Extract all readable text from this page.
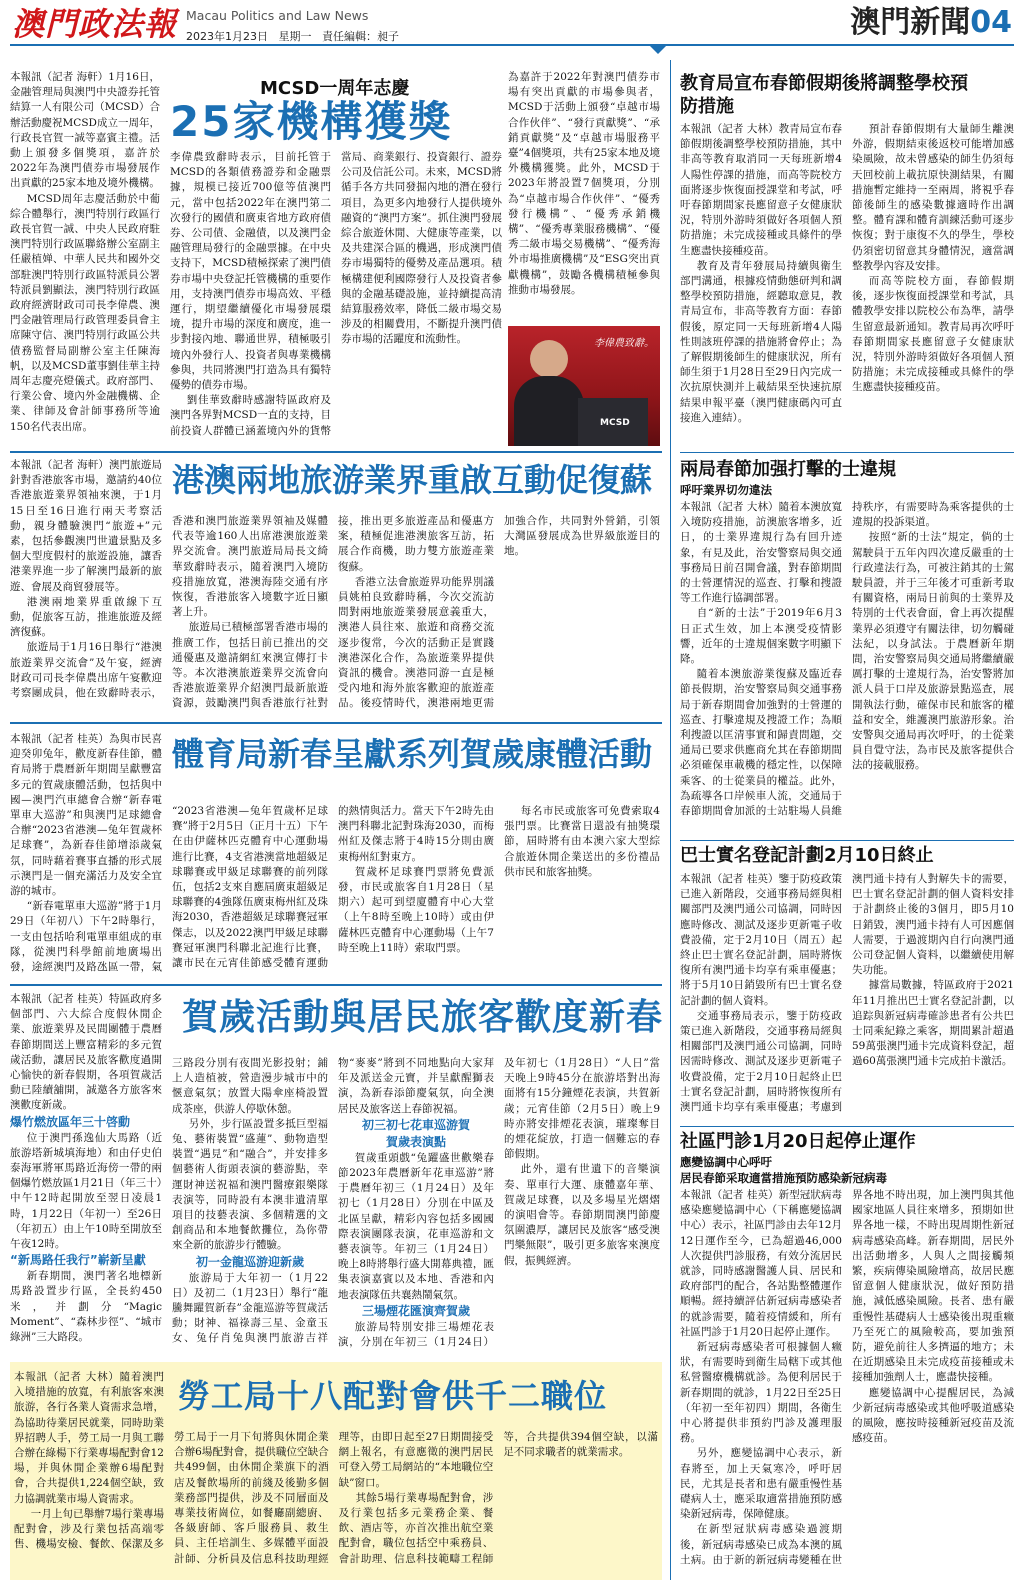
澳門政法報 Macau Politics and Law News
2023年1月23日 星期一 責任編輯：昶子	澳門新聞04
MCSD一周年志慶
25家機構獲獎

本報訊（記者 海軒）1月16日，金融管理局與澳門中央證券托管結算一人有限公司（MCSD）合辦活動慶祝MCSD成立一周年，行政長官賀一誠等嘉賓主禮。活動上頒發多個獎項，嘉許於2022年為澳門債券市場發展作出貢獻的25家本地及境外機構。

MCSD周年志慶活動於中葡綜合體舉行，澳門特別行政區行政長官賀一誠、中央人民政府駐澳門特別行政區聯絡辦公室副主任嚴植婵、中華人民共和國外交部駐澳門特別行政區特派員公署特派員劉顯法，澳門特別行政區政府經濟財政司司長李偉農、澳門金融管理局行政管理委員會主席陳守信、澳門特別行政區公共債務監督局副辦公室主任陳海帆，以及MCSD董事劉佳華主持周年志慶亮燈儀式。政府部門、行業公會、境內外金融機構、企業、律師及會計師事務所等逾150名代表出席。

李偉農致辭時表示，目前托管于MCSD的各類債務證券和金融票據，規模已接近700億等值澳門元，當中包括2022年在澳門第二次發行的國債和廣東省地方政府債券、公司債、金融債，以及澳門金融管理局發行的金融票據。在中央支持下，MCSD積極探索了澳門債券市場中央登記托管機構的重要作用，支持澳門債券市場高效、平穩運行，期望繼續優化市場發展環境，提升市場的深度和廣度，進一步對接內地、聯通世界，積極吸引境內外發行人、投資者與專業機構參與，共同將澳門打造為具有獨特優勢的債券市場。

劉佳華致辭時感謝特區政府及澳門各界對MCSD一直的支持，目前投資人群體已涵蓋境內外的貨幣當局、商業銀行、投資銀行、證券公司及信託公司。未來，MCSD將循手各方共同發掘內地的潛在發行項目，為更多內地發行人提供境外融資的“澳門方案”。抓住澳門發展綜合旅遊休閒、大健康等產業，以及共建深合區的機遇，形成澳門債券市場獨特的優勢及產品選項。積極構建便利國際發行人及投資者參與的金融基礎設施，並持續提高清結算服務效率，降低二級市場交易涉及的相關費用，不斷提升澳門債券市場的活躍度和流動性。

為嘉許于2022年對澳門債券市場有突出貢獻的市場參與者，MCSD于活動上頒發“卓越市場合作伙伴”、“發行貢獻獎”、“承銷貢獻獎”及“卓越市場服務平臺”4個獎項，共有25家本地及境外機構獲獎。此外，MCSD于2023年將設置7個獎項，分別為“卓越市場合作伙伴”、“優秀發行機構”、“優秀承銷機構”、“優秀專業服務機構”、“優秀二級市場交易機構”、“優秀海外市場推廣機構”及“ESG突出貢獻機構”，鼓勵各機構積極參與推動市場發展。

MCSD
李偉農致辭。

本報訊（記者 海軒）澳門旅遊局針對香港旅客市場，邀請約40位香港旅遊業界領袖來澳，于1月15日至16日進行兩天考察活動，親身體驗澳門“旅遊+”元素，包括參觀澳門世遺景點及多個大型度假村的旅遊設施，讓香港業界進一步了解澳門最新的旅遊、會展及商貿發展等。

港澳兩地業界重啟線下互動，促旅客互訪，推進旅遊及經濟復蘇。

旅遊局于1月16日舉行“港澳旅遊業界交流會”及午宴，經濟財政司司長李偉農出席午宴歡迎考察團成員，他在致辭時表示，

港澳兩地旅游業界重啟互動促復蘇

香港和澳門旅遊業界領袖及媒體代表等逾160人出席港澳旅遊業界交流會。澳門旅遊局局長文綺華致辭時表示，隨着澳門入境防疫措施放寬，港澳海陸交通有序恢復，香港旅客入境數字近日顯著上升。

旅遊局已積極部署香港市場的推廣工作，包括日前已推出的交通優惠及邀請網紅來澳宣傳打卡等。本次港澳旅遊業界交流會向香港旅遊業界介紹澳門最新旅遊資源，鼓勵澳門與香港旅行社對接，推出更多旅遊產品和優惠方案，積極促進港澳旅客互訪，拓展合作商機，助力雙方旅遊產業復蘇。

香港立法會旅遊界功能界別議員姚柏良致辭時稱，今次交流訪問對兩地旅遊業發展意義重大，澳港人員往來、旅遊和商務交流逐步復常，今次的活動正是實踐澳港深化合作，為旅遊業界提供資訊的機會。澳港同游一直是極受內地和海外旅客歡迎的旅遊產品。後疫情時代，澳港兩地更需加強合作，共同對外營銷，引領大灣區發展成為世界級旅遊目的地。

本報訊（記者 桂英）為與市民喜迎癸卯兔年，歡度新春佳節，體育局將于農曆新年期間呈獻豐富多元的賀歲康體活動，包括與中國—澳門汽車總會合辦“新春電單車大巡游”和與澳門足球總會合辦“2023省港澳—兔年賀歲杯足球賽”，為新春佳節增添歲氣氛，同時藉着賽事直播的形式展示澳門是一個充滿活力及安全宜游的城市。

“新春電單車大巡游”將于1月29日（年初八）下午2時舉行，一支由包括哈利電單車組成的車隊，從澳門科學館前地廣場出發，途經澳門及路氹區一帶，氣

體育局新春呈獻系列賀歲康體活動

“2023省港澳—兔年賀歲杯足球賽”將于2月5日（正月十五）下午在由伊薩林匹克體育中心運動場進行比賽，4支省港澳當地超級足球聯賽或甲級足球聯賽的前列隊伍，包括2支來自應屆廣東超級足球聯賽的4強隊伍廣東梅州紅及珠海2030，香港超級足球聯賽冠軍傑志，以及2022澳門甲級足球聯賽冠軍澳門科聯北記進行比賽，讓市民在元宵佳節感受體育運動的熱情與活力。當天下午2時先由澳門科聯北記對珠海2030，而梅州紅及傑志將于4時15分則由廣東梅州紅對東方。

賀歲杯足球賽門票將免費派發，市民或旅客自1月28日（星期六）起可到望廈體育中心大堂（上午8時至晚上10時）或由伊薩林匹克體育中心運動場（上午7時至晚上11時）索取門票。

每名市民或旅客可免費索取4張門票。比賽當日還設有抽獎環節，屆時將有由本澳六家大型綜合旅遊休閒企業送出的多份禮品供市民和旅客抽獎。

本報訊（記者 桂英）特區政府多個部門、六大綜合度假休閒企業、旅遊業界及民間團體于農曆春節期間送上豐富精彩的多元賀歲活動，讓居民及旅客歡度過開心愉快的新春假期，各項賀歲活動已陸續舖開，誠邀各方旅客來澳歡度新歲。

爆竹燃放區年三十啓動

位于澳門孫逸仙大馬路（近旅游塔新城填海地）和由仔史伯泰海軍將軍馬路近海傍一帶的兩個爆竹燃放區1月21日（年三十）中午12時起開放至翌日凌晨1時，1月22日（年初一）至26日（年初五）由上午10時至開放至午夜12時。

“新馬路任我行”嶄新呈獻

新春期間，澳門著名地標新馬路設置步行區，全長約450米，并劃分“Magic Moment”、“森林步徑”、“城市綠洲”三大路段。

賀歲活動與居民旅客歡度新春

三路段分別有夜間光影投射；鋪上人造植被，營造漫步城市中的愜意氣氛；放置大陽傘座椅設置成茶座，供游人停歇休憩。

另外，步行區設置多抵巨型福兔、藝術裝置“盛蓮”、動物造型裝置“遇見”和“融合”，并安排多個藝術人街頭表演的藝游點，幸運財神送祝福和澳門醫療銀樂隊表演等，同時設有本澳非遺清單項目的技藝表演、多個精選的文創商品和本地餐飲攤位，為你帶來全新的旅游步行體驗。

初一金龍巡游迎新歲

旅游局于大年初一（1月22日）及初二（1月23日）舉行“龍騰舞躍賀新春”金龍巡游等賀歲活動；財神、福祿壽三星、金童玉女、兔仔肖兔與澳門旅游吉祥物“麥麥”將到不同地點向大家拜年及派送金元寶，并呈獻醒獅表演，為新春添節慶氣氛，向全澳居民及旅客送上春節祝福。

初三初七花車巡游賀

賀歲表演點

賀歲重頭戲“兔躍盛世歡樂春節2023年農曆新年花車巡游”將于農曆年初三（1月24日）及年初七（1月28日）分別在中區及北區呈獻，精彩內容包括多國國際表演團隊表演，花車巡游和文藝表演等。年初三（1月24日）晚上8時將舉行盛大開幕典禮，匯集表演嘉賓以及本地、香港和內地表演隊伍共襄熱鬧氣氛。

三場煙花匯演齊賀歲

旅游局特別安排三場煙花表演，分別在年初三（1月24日）及年初七（1月28日）“人日”當天晚上9時45分在旅游塔對出海面將有15分鐘煙花表演，共賀新歲；元宵佳節（2月5日）晚上9時亦將安排煙花表演，璀璨奪目的煙花綻放，打造一個難忘的春節假期。

此外，還有世遺下的音樂演奏、單車行大運、康體嘉年華、賀歲足球賽，以及多場星光熠熠的演唱會等。春節期間澳門節慶氛圍濃厚，讓居民及旅客“感受澳門樂無限”，吸引更多旅客來澳度假，振興經濟。

本報訊（記者 大林）隨着澳門入境措施的放寬，有利旅客來澳旅游，各行各業人資需求急增，為協助待業居民就業，同時助業界招聘人手，勞工局一月與工聯合辦在綠楊下行業專場配對會12場，并與休閒企業辦6場配對會，合共提供1,224個空缺，致力協調就業市場人資需求。

一月上旬已舉辦7場行業專場配對會，涉及行業包括高端零售、機場安檢、餐飲、保潔及多

勞工局十八配對會供千二職位

勞工局于一月下旬將與休閒企業合辦6場配對會，提供職位空缺合共499個，由休閒企業旗下的酒店及餐飲場所的前綫及後勤多個業務部門提供，涉及不同層面及專業技術崗位，如餐廳副總廚、各級廚師、客戶服務員、救生員、主任培訓生、多媒體平面設計師、分析員及信息科技助理經理等，由即日起至27日期間接受網上報名，有意應徵的澳門居民可登入勞工局網站的“本地職位空缺”窗口。

其餘5場行業專場配對會，涉及行業包括多元業務企業、餐飲、酒店等，亦首次推出航空業配對會，職位包括空中乘務員、會計助理、信息科技範疇工程師等，合共提供394個空缺，以滿足不同求職者的就業需求。

教育局宣布春節假期後將調整學校預防措施

本報訊（記者 大林）教青局宣布春節假期後調整學校預防措施，其中非高等教育取消同一天每班新增4人陽性停課的措施，而高等院校方面將逐步恢復面授課堂和考試，呼吁春節期間家長應留意子女健康狀況，特別外游時須做好各項個人預防措施；未完成接種或具條件的學生應盡快接種疫苗。

教育及青年發展局持續與衛生部門溝通，根據疫情動態研判和調整學校預防措施，經聽取意見，教青局宣布，非高等教育方面：春節假後，原定同一天每班新增4人陽性則該班停課的措施將會停止；為了解假期後師生的健康狀況，所有師生須于1月28日至29日內完成一次抗原快測并上載結果至快速抗原結果申報平臺（澳門健康碼內可直接進入連結）。

預計春節假期有大量師生離澳外游，假期結束後返校可能增加感染風險，故未曾感染的師生仍須每天回校前上載抗原快測結果，有關措施暫定維持一至兩周，將視乎春節後師生的感染數據適時作出調整。體育課和體育訓練活動可逐步恢復；對于康復不久的學生，學校仍須密切留意其身體情況，適當調整教學內容及安排。

而高等院校方面，春節假期後，逐步恢復面授課堂和考試，具體教學安排以院校公布為準，請學生留意最新通知。教青局再次呼吁春節期間家長應留意子女健康狀況，特別外游時須做好各項個人預防措施；未完成接種或具條件的學生應盡快接種疫苗。

兩局春節加强打擊的士違規
呼吁業界切勿違法

本報訊（記者 大林）隨着本澳放寬入境防疫措施，訪澳旅客增多，近日，的士業界違規行為有回升迹象，有見及此，治安警察局與交通事務局日前召開會議，對春節期間的士營運情況的巡查、打擊和搜證等工作進行協調部署。

自“新的士法”于2019年6月3日正式生效，加上本澳受疫情影響，近年的士違規個案數字明顯下降。

隨着本澳旅游業復蘇及臨近春節長假期，治安警察局與交通事務局于新春期間會加強對的士營運的巡查、打擊違規及搜證工作；為順利搜證以匡清事實和歸責問題，交通局已要求供應商允其在春節期間必須確保車載機的穩定性，以保障乘客、的士從業員的權益。此外，為疏導各口岸候車人流，交通局于春節期間會加派的士站駐場人員維持秩序，有需要時為乘客提供的士違規的投訴渠道。

按照“新的士法”規定，倘的士駕駛員于五年內四次違反嚴重的士行政違法行為，可被注銷其的士駕駛員證，并于三年後才可重新考取有關資格，兩局日前與的士業界及特別的士代表會面，會上再次提醒業界必須遵守有關法律，切勿觸碰法紀，以身試法。于農曆新年期間，治安警察局與交通局將繼續嚴厲打擊的士違規行為，治安警將加派人員于口岸及旅游景點巡查，展開執法行動，確保市民和旅客的權益和安全，維護澳門旅游形象。治安警與交通局再次呼吁，的士從業員自覺守法，為市民及旅客提供合法的接載服務。

巴士實名登記計劃2月10日終止

本報訊（記者 桂英）鑒于防疫政策已進入新階段，交通事務局經與相關部門及澳門通公司協調，同時因應時修改、測試及逐步更新電子收費設備，定于2月10日（周五）起終止巴士實名登記計劃，屆時將恢復所有澳門通卡均享有乘車優惠；將于5月10日銷毀所有巴士實名登記計劃的個人資料。

交通事務局表示，鑒于防疫政策已進入新階段，交通事務局經與相關部門及澳門通公司協調，同時因需時修改、測試及逐步更新電子收費設備，定于2月10日起終止巴士實名登記計劃，屆時將恢復所有澳門通卡均享有乘車優惠；考慮到澳門通卡持有人對解失卡的需要，巴士實名登記計劃的個人資料安排于計劃終止後的3個月，即5月10日銷毀，澳門通卡持有人可因應個人需要，于過渡期內自行向澳門通公司登記個人資料，以繼續使用解失功能。

據當局數據，特區政府于2021年11月推出巴士實名登記計劃，以追踪與新冠病毒確診患者有公共巴士同乘紀錄之乘客，期間累計超過59萬張澳門通卡完成資料登記，超過60萬張澳門通卡完成拍卡激活。

社區門診1月20日起停止運作
應變協調中心呼吁
居民春節采取適當措施預防感染新冠病毒

本報訊（記者 桂英）新型冠狀病毒感染應變協調中心（下稱應變協調中心）表示，社區門診由去年12月12日運作至今，已為超過46,000人次提供門診服務，有效分流居民就診，同時感謝醫護人員、居民和政府部門的配合，各站點整體運作順暢。經持續評估新冠病毒感染者的就診需要，隨着疫情緩和，所有社區門診于1月20日起停止運作。

新冠病毒感染者可根據個人癥狀，有需要時到衛生局轄下或其他私營醫療機構就診。為便利居民于新春期間的就診，1月22日至25日（年初一至年初四）期間，各衛生中心將提供非預約門診及護理服務。

另外，應變協調中心表示，新春將至，加上天氣寒冷，呼吁居民，尤其是長者和患有嚴重慢性基礎病人士，應采取適當措施預防感染新冠病毒，保障健康。

在新型冠狀病毒感染過渡期後，新冠病毒感染已成為本澳的風土病。由于新的新冠病毒變種在世界各地不時出現，加上澳門與其他國家地區人員往來增多，預期如世界各地一樣，不時出現周期性新冠病毒感染高峰。新春期間，居民外出活動增多，人與人之間接觸頻繁，疾病傳染風險增高，故居民應留意個人健康狀況，做好預防措施，減低感染風險。長者、患有嚴重慢性基礎病人士感染後出現重癥乃至死亡的風險較高，要加強預防，避免前往人多擠逼的地方；未在近期感染且未完成疫苗接種或未接種加強劑人士，應盡快接種。

應變協調中心提醒居民，為減少新冠病毒感染或其他呼吸道感染的風險，應按時接種新冠疫苗及流感疫苗。
